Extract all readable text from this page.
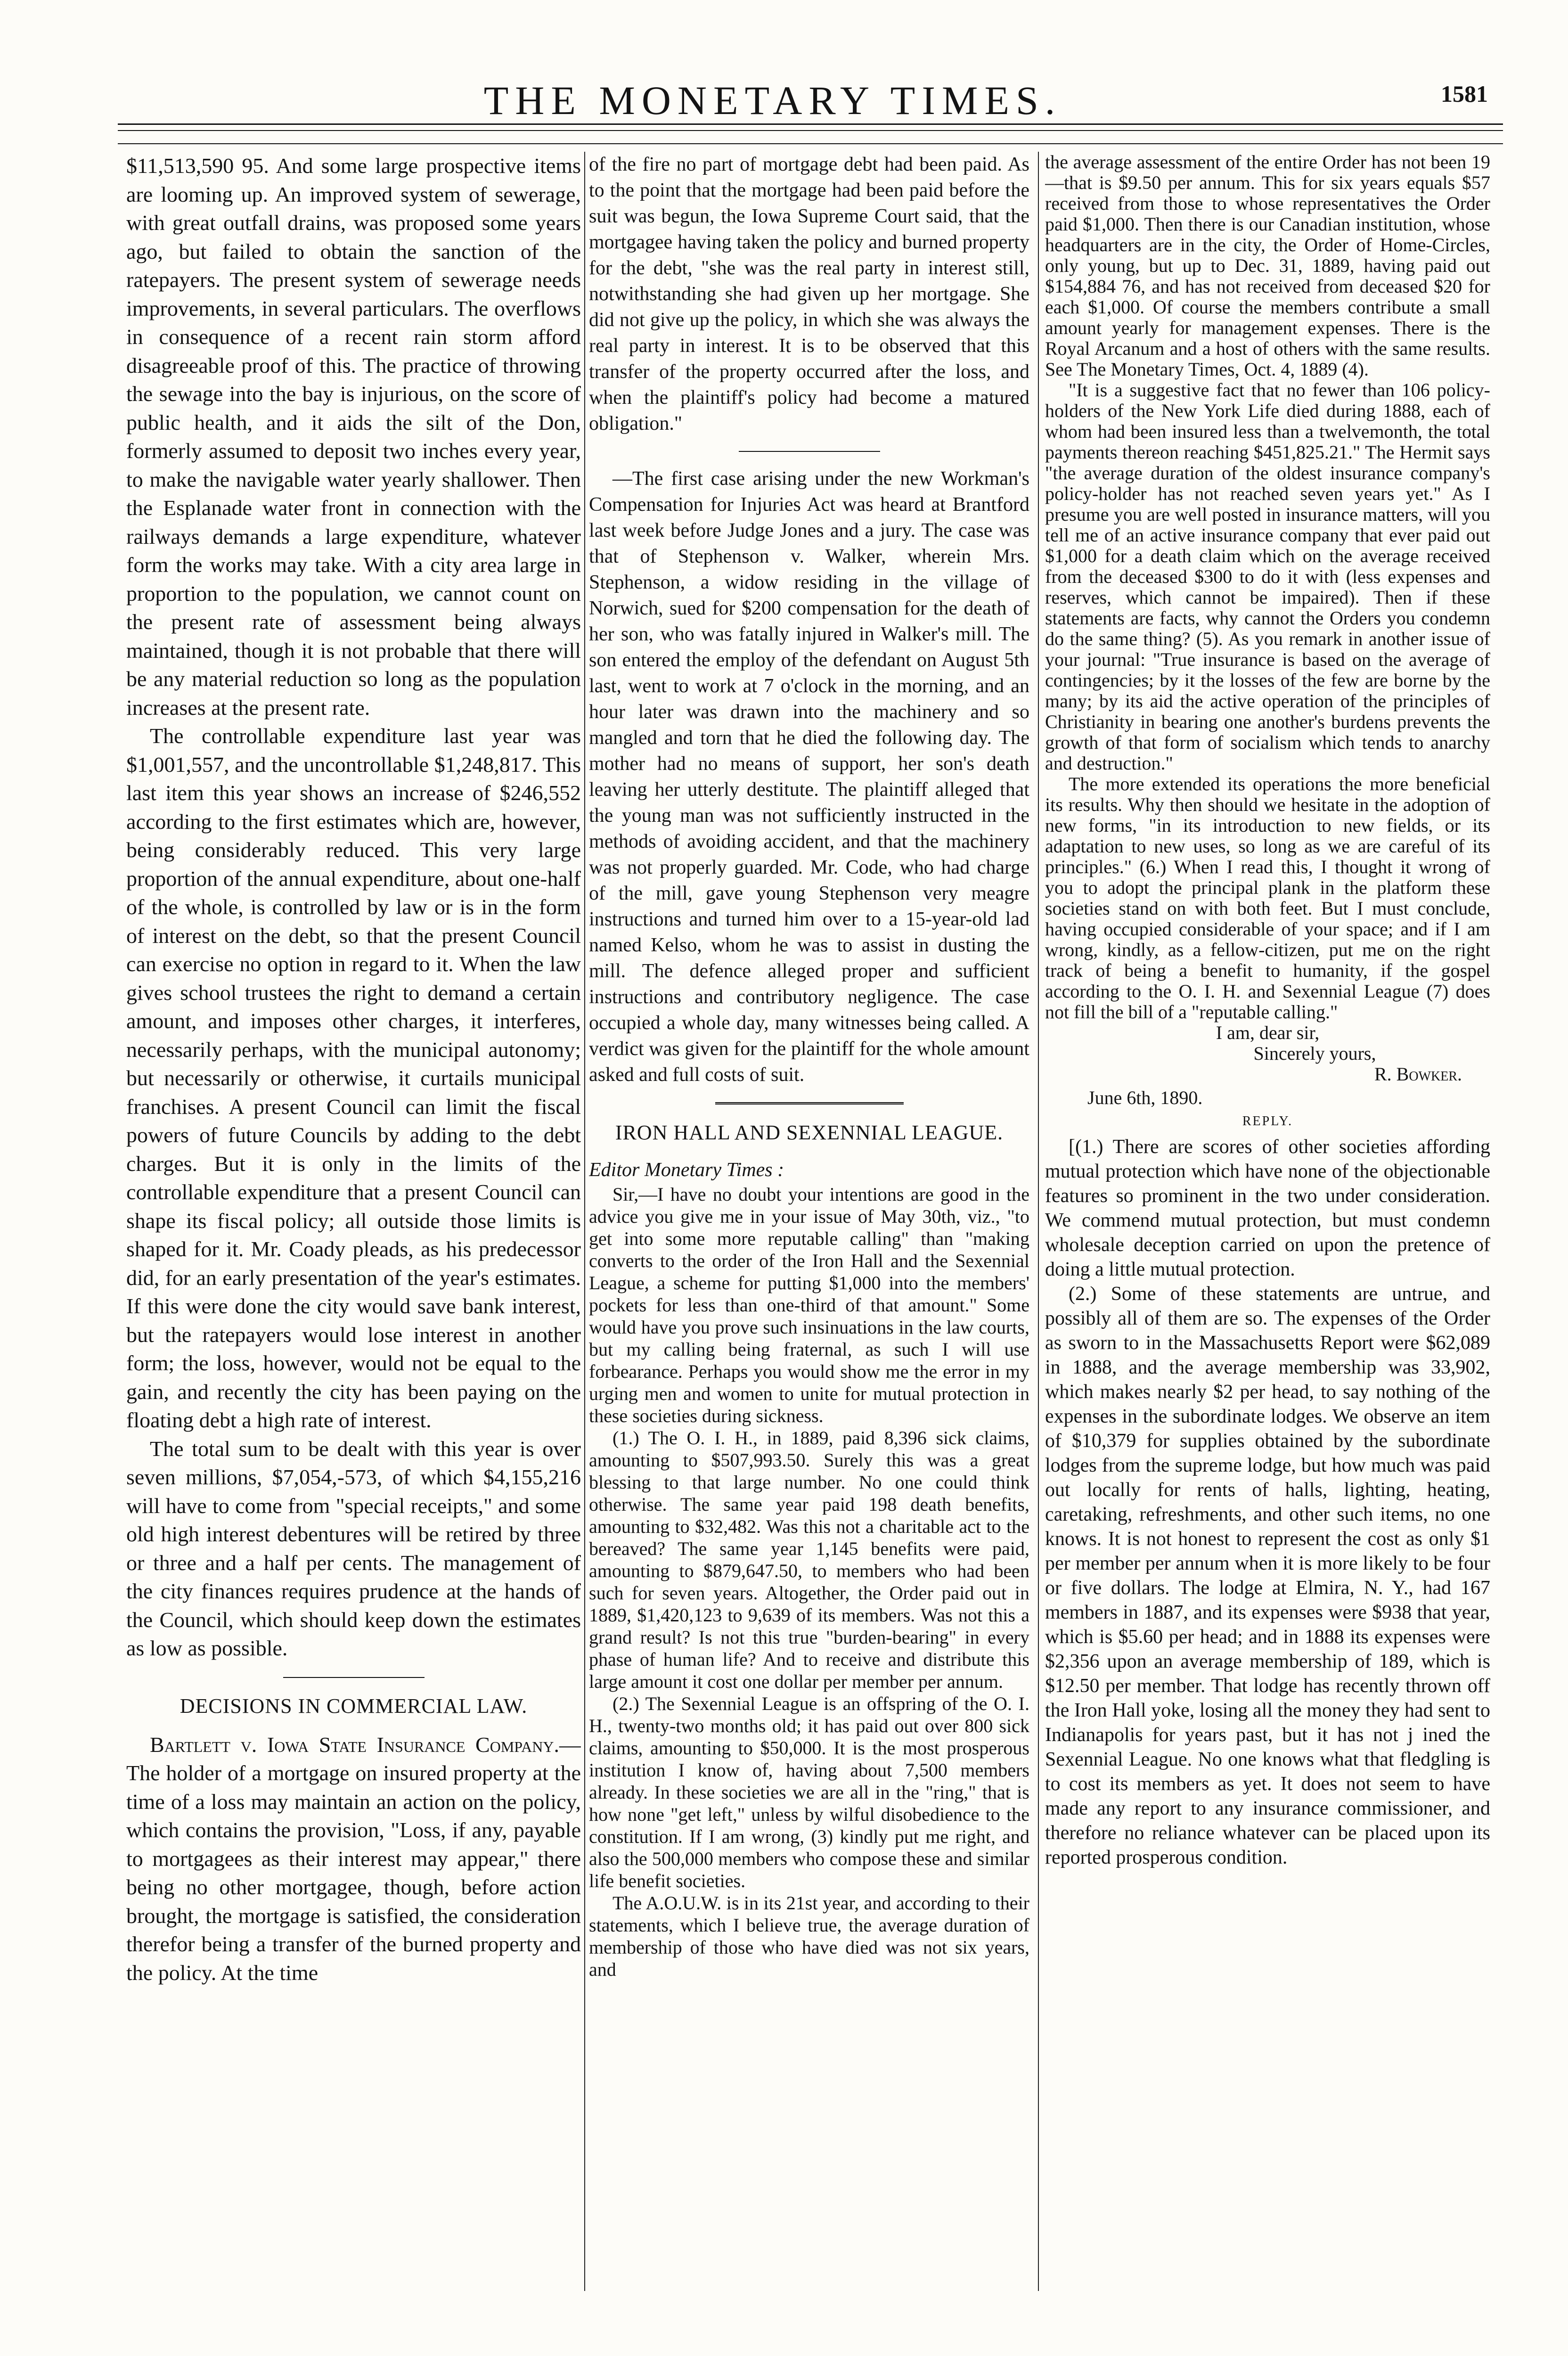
THE MONETARY TIMES.	1581

$11,513,590 95. And some large prospective items are looming up. An improved system of sewerage, with great outfall drains, was proposed some years ago, but failed to obtain the sanction of the ratepayers. The present system of sewerage needs improvements, in several particulars. The overflows in consequence of a recent rain storm afford disagreeable proof of this. The practice of throwing the sewage into the bay is injurious, on the score of public health, and it aids the silt of the Don, formerly assumed to deposit two inches every year, to make the navigable water yearly shallower. Then the Esplanade water front in connection with the railways demands a large expenditure, whatever form the works may take. With a city area large in proportion to the population, we cannot count on the present rate of assessment being always maintained, though it is not probable that there will be any material reduction so long as the population increases at the present rate.

The controllable expenditure last year was $1,001,557, and the uncontrollable $1,248,817. This last item this year shows an increase of $246,552 according to the first estimates which are, however, being considerably reduced. This very large proportion of the annual expenditure, about one-half of the whole, is controlled by law or is in the form of interest on the debt, so that the present Council can exercise no option in regard to it. When the law gives school trustees the right to demand a certain amount, and imposes other charges, it interferes, necessarily perhaps, with the municipal autonomy; but necessarily or otherwise, it curtails municipal franchises. A present Council can limit the fiscal powers of future Councils by adding to the debt charges. But it is only in the limits of the controllable expenditure that a present Council can shape its fiscal policy; all outside those limits is shaped for it. Mr. Coady pleads, as his predecessor did, for an early presentation of the year's estimates. If this were done the city would save bank interest, but the ratepayers would lose interest in another form; the loss, however, would not be equal to the gain, and recently the city has been paying on the floating debt a high rate of interest.

The total sum to be dealt with this year is over seven millions, $7,054,-573, of which $4,155,216 will have to come from "special receipts," and some old high interest debentures will be retired by three or three and a half per cents. The management of the city finances requires prudence at the hands of the Council, which should keep down the estimates as low as possible.

DECISIONS IN COMMERCIAL LAW.

Bartlett v. Iowa State Insurance Company.—The holder of a mortgage on insured property at the time of a loss may maintain an action on the policy, which contains the provision, "Loss, if any, payable to mortgagees as their interest may appear," there being no other mortgagee, though, before action brought, the mortgage is satisfied, the consideration therefor being a transfer of the burned property and the policy. At the time

of the fire no part of mortgage debt had been paid. As to the point that the mortgage had been paid before the suit was begun, the Iowa Supreme Court said, that the mortgagee having taken the policy and burned property for the debt, "she was the real party in interest still, notwithstanding she had given up her mortgage. She did not give up the policy, in which she was always the real party in interest. It is to be observed that this transfer of the property occurred after the loss, and when the plaintiff's policy had become a matured obligation."

—The first case arising under the new Workman's Compensation for Injuries Act was heard at Brantford last week before Judge Jones and a jury. The case was that of Stephenson v. Walker, wherein Mrs. Stephenson, a widow residing in the village of Norwich, sued for $200 compensation for the death of her son, who was fatally injured in Walker's mill. The son entered the employ of the defendant on August 5th last, went to work at 7 o'clock in the morning, and an hour later was drawn into the machinery and so mangled and torn that he died the following day. The mother had no means of support, her son's death leaving her utterly destitute. The plaintiff alleged that the young man was not sufficiently instructed in the methods of avoiding accident, and that the machinery was not properly guarded. Mr. Code, who had charge of the mill, gave young Stephenson very meagre instructions and turned him over to a 15-year-old lad named Kelso, whom he was to assist in dusting the mill. The defence alleged proper and sufficient instructions and contributory negligence. The case occupied a whole day, many witnesses being called. A verdict was given for the plaintiff for the whole amount asked and full costs of suit.

IRON HALL AND SEXENNIAL LEAGUE.

Editor Monetary Times :

Sir,—I have no doubt your intentions are good in the advice you give me in your issue of May 30th, viz., "to get into some more reputable calling" than "making converts to the order of the Iron Hall and the Sexennial League, a scheme for putting $1,000 into the members' pockets for less than one-third of that amount." Some would have you prove such insinuations in the law courts, but my calling being fraternal, as such I will use forbearance. Perhaps you would show me the error in my urging men and women to unite for mutual protection in these societies during sickness.

(1.) The O. I. H., in 1889, paid 8,396 sick claims, amounting to $507,993.50. Surely this was a great blessing to that large number. No one could think otherwise. The same year paid 198 death benefits, amounting to $32,482. Was this not a charitable act to the bereaved? The same year 1,145 benefits were paid, amounting to $879,647.50, to members who had been such for seven years. Altogether, the Order paid out in 1889, $1,420,123 to 9,639 of its members. Was not this a grand result? Is not this true "burden-bearing" in every phase of human life? And to receive and distribute this large amount it cost one dollar per member per annum.

(2.) The Sexennial League is an offspring of the O. I. H., twenty-two months old; it has paid out over 800 sick claims, amounting to $50,000. It is the most prosperous institution I know of, having about 7,500 members already. In these societies we are all in the "ring," that is how none "get left," unless by wilful disobedience to the constitution. If I am wrong, (3) kindly put me right, and also the 500,000 members who compose these and similar life benefit societies.

The A.O.U.W. is in its 21st year, and according to their statements, which I believe true, the average duration of membership of those who have died was not six years, and

the average assessment of the entire Order has not been 19—that is $9.50 per annum. This for six years equals $57 received from those to whose representatives the Order paid $1,000. Then there is our Canadian institution, whose headquarters are in the city, the Order of Home-Circles, only young, but up to Dec. 31, 1889, having paid out $154,884 76, and has not received from deceased $20 for each $1,000. Of course the members contribute a small amount yearly for management expenses. There is the Royal Arcanum and a host of others with the same results. See The Monetary Times, Oct. 4, 1889 (4).

"It is a suggestive fact that no fewer than 106 policy-holders of the New York Life died during 1888, each of whom had been insured less than a twelvemonth, the total payments thereon reaching $451,825.21." The Hermit says "the average duration of the oldest insurance company's policy-holder has not reached seven years yet." As I presume you are well posted in insurance matters, will you tell me of an active insurance company that ever paid out $1,000 for a death claim which on the average received from the deceased $300 to do it with (less expenses and reserves, which cannot be impaired). Then if these statements are facts, why cannot the Orders you condemn do the same thing? (5). As you remark in another issue of your journal: "True insurance is based on the average of contingencies; by it the losses of the few are borne by the many; by its aid the active operation of the principles of Christianity in bearing one another's burdens prevents the growth of that form of socialism which tends to anarchy and destruction."

The more extended its operations the more beneficial its results. Why then should we hesitate in the adoption of new forms, "in its introduction to new fields, or its adaptation to new uses, so long as we are careful of its principles." (6.) When I read this, I thought it wrong of you to adopt the principal plank in the platform these societies stand on with both feet. But I must conclude, having occupied considerable of your space; and if I am wrong, kindly, as a fellow-citizen, put me on the right track of being a benefit to humanity, if the gospel according to the O. I. H. and Sexennial League (7) does not fill the bill of a "reputable calling."

I am, dear sir,

Sincerely yours,

R. Bowker.

June 6th, 1890.

REPLY.

[(1.) There are scores of other societies affording mutual protection which have none of the objectionable features so prominent in the two under consideration. We commend mutual protection, but must condemn wholesale deception carried on upon the pretence of doing a little mutual protection.

(2.) Some of these statements are untrue, and possibly all of them are so. The expenses of the Order as sworn to in the Massachusetts Report were $62,089 in 1888, and the average membership was 33,902, which makes nearly $2 per head, to say nothing of the expenses in the subordinate lodges. We observe an item of $10,379 for supplies obtained by the subordinate lodges from the supreme lodge, but how much was paid out locally for rents of halls, lighting, heating, caretaking, refreshments, and other such items, no one knows. It is not honest to represent the cost as only $1 per member per annum when it is more likely to be four or five dollars. The lodge at Elmira, N. Y., had 167 members in 1887, and its expenses were $938 that year, which is $5.60 per head; and in 1888 its expenses were $2,356 upon an average membership of 189, which is $12.50 per member. That lodge has recently thrown off the Iron Hall yoke, losing all the money they had sent to Indianapolis for years past, but it has not j ined the Sexennial League. No one knows what that fledgling is to cost its members as yet. It does not seem to have made any report to any insurance commissioner, and therefore no reliance whatever can be placed upon its reported prosperous condition.
